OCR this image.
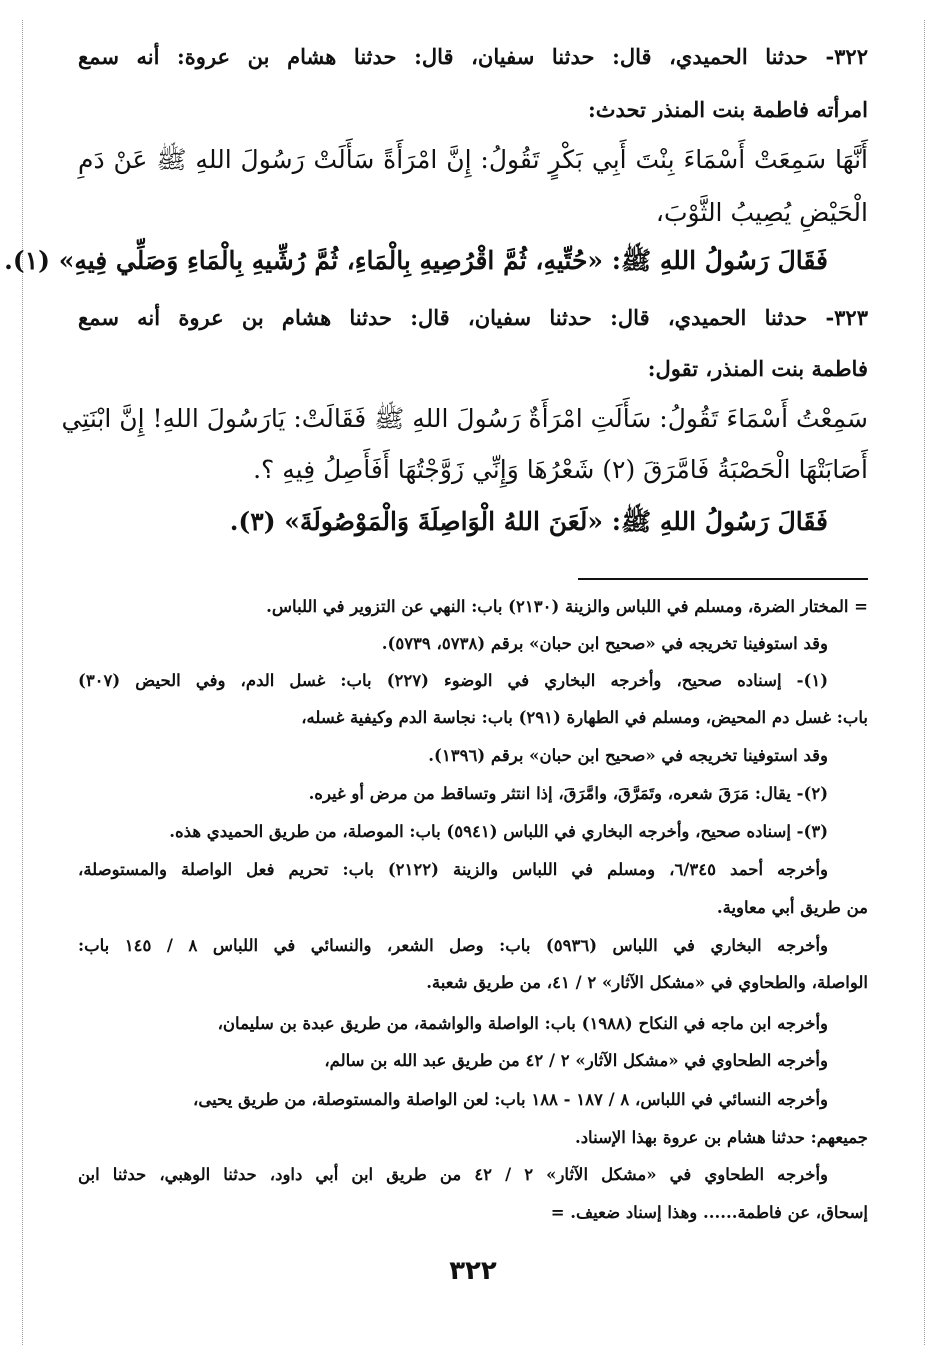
٣٢٢- حدثنا الحميدي، قال: حدثنا سفيان، قال: حدثنا هشام بن عروة: أنه سمع
امرأته فاطمة بنت المنذر تحدث:
أَنَّهَا سَمِعَتْ أَسْمَاءَ بِنْتَ أَبِي بَكْرٍ تَقُولُ: إِنَّ امْرَأَةً سَأَلَتْ رَسُولَ اللهِ ﷺ عَنْ دَمِ
الْحَيْضِ يُصِيبُ الثَّوْبَ،
فَقَالَ رَسُولُ اللهِ ﷺ: «حُتِّيهِ، ثُمَّ اقْرُصِيهِ بِالْمَاءِ، ثُمَّ رُشِّيهِ بِالْمَاءِ وَصَلِّي فِيهِ» (١).
٣٢٣- حدثنا الحميدي، قال: حدثنا سفيان، قال: حدثنا هشام بن عروة أنه سمع
فاطمة بنت المنذر، تقول:
سَمِعْتُ أَسْمَاءَ تَقُولُ: سَأَلَتِ امْرَأَةٌ رَسُولَ اللهِ ﷺ فَقَالَتْ: يَارَسُولَ اللهِ! إِنَّ ابْنَتِي
أَصَابَتْهَا الْحَصْبَةُ فَامَّرَقَ (٢) شَعْرُهَا وَإِنِّي زَوَّجْتُهَا أَفَأَصِلُ فِيهِ ؟.
فَقَالَ رَسُولُ اللهِ ﷺ: «لَعَنَ اللهُ الْوَاصِلَةَ وَالْمَوْصُولَةَ» (٣).
= المختار الضرة، ومسلم في اللباس والزينة (٢١٣٠) باب: النهي عن التزوير في اللباس.
وقد استوفينا تخريجه في «صحيح ابن حبان» برقم (٥٧٣٨، ٥٧٣٩).
(١)- إسناده صحيح، وأخرجه البخاري في الوضوء (٢٢٧) باب: غسل الدم، وفي الحيض (٣٠٧)
باب: غسل دم المحيض، ومسلم في الطهارة (٢٩١) باب: نجاسة الدم وكيفية غسله،
وقد استوفينا تخريجه في «صحيح ابن حبان» برقم (١٣٩٦).
(٢)- يقال: مَرَقَ شعره، وتَمَرَّقَ، وامَّرَقَ، إذا انتثر وتساقط من مرض أو غيره.
(٣)- إسناده صحيح، وأخرجه البخاري في اللباس (٥٩٤١) باب: الموصلة، من طريق الحميدي هذه.
وأخرجه أحمد ٦/٣٤٥، ومسلم في اللباس والزينة (٢١٢٢) باب: تحريم فعل الواصلة والمستوصلة،
من طريق أبي معاوية.
وأخرجه البخاري في اللباس (٥٩٣٦) باب: وصل الشعر، والنسائي في اللباس ٨ / ١٤٥ باب:
الواصلة، والطحاوي في «مشكل الآثار» ٢ / ٤١، من طريق شعبة.
وأخرجه ابن ماجه في النكاح (١٩٨٨) باب: الواصلة والواشمة، من طريق عبدة بن سليمان،
وأخرجه الطحاوي في «مشكل الآثار» ٢ / ٤٢ من طريق عبد الله بن سالم،
وأخرجه النسائي في اللباس، ٨ / ١٨٧ - ١٨٨ باب: لعن الواصلة والمستوصلة، من طريق يحيى،
جميعهم: حدثنا هشام بن عروة بهذا الإسناد.
وأخرجه الطحاوي في «مشكل الآثار» ٢ / ٤٢ من طريق ابن أبي داود، حدثنا الوهبي، حدثنا ابن
إسحاق، عن فاطمة...... وهذا إسناد ضعيف. =
٣٢٢
